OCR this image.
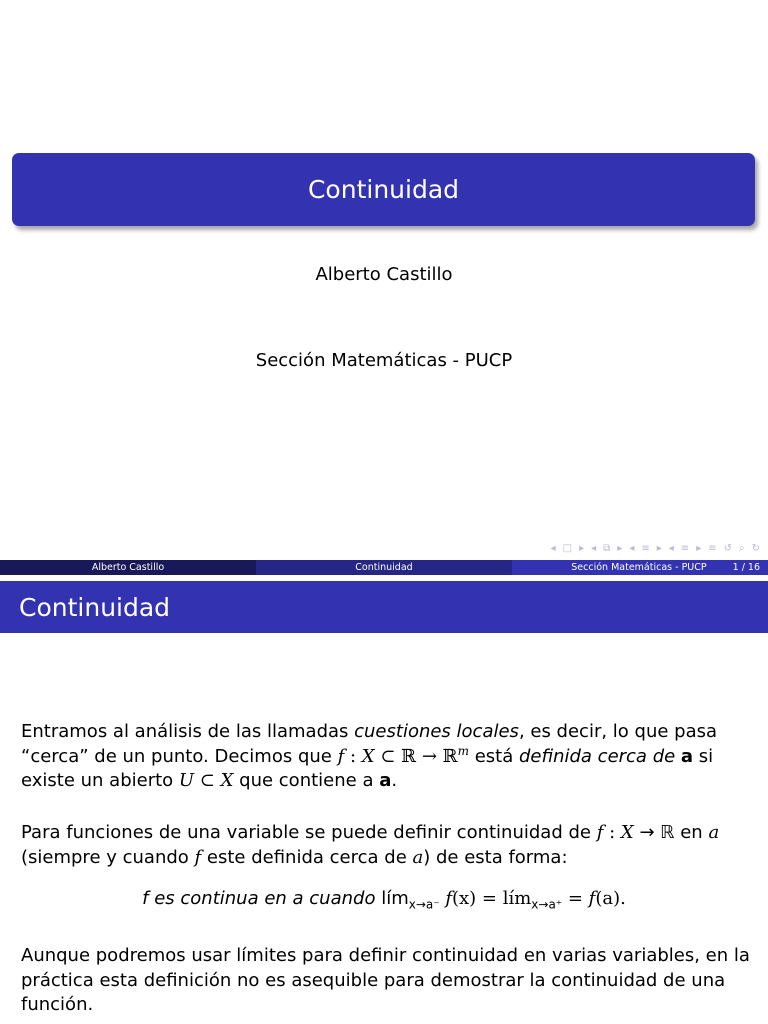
Continuidad
Alberto Castillo
Sección Matemáticas - PUCP
◂ □ ▸ ◂ ⧉ ▸ ◂ ≡ ▸ ◂ ≡ ▸ ≡ ↺ ⌕ ↻
Alberto Castillo	Continuidad	Sección Matemáticas - PUCP	1 / 16
Continuidad
Entramos al análisis de las llamadas cuestiones locales, es decir, lo que pasa “cerca” de un punto. Decimos que f : X ⊂ ℝ → ℝ$^m$ está definida cerca de a si existe un abierto U ⊂ X que contiene a a.
Para funciones de una variable se puede definir continuidad de f : X → ℝ en a (siempre y cuando f este definida cerca de a) de esta forma:
f es continua en a cuando lím$_{x\to a^-}$ f(x) = lím$_{x\to a^+}$ = f(a).
Aunque podremos usar límites para definir continuidad en varias variables, en la práctica esta definición no es asequible para demostrar la continuidad de una función.
